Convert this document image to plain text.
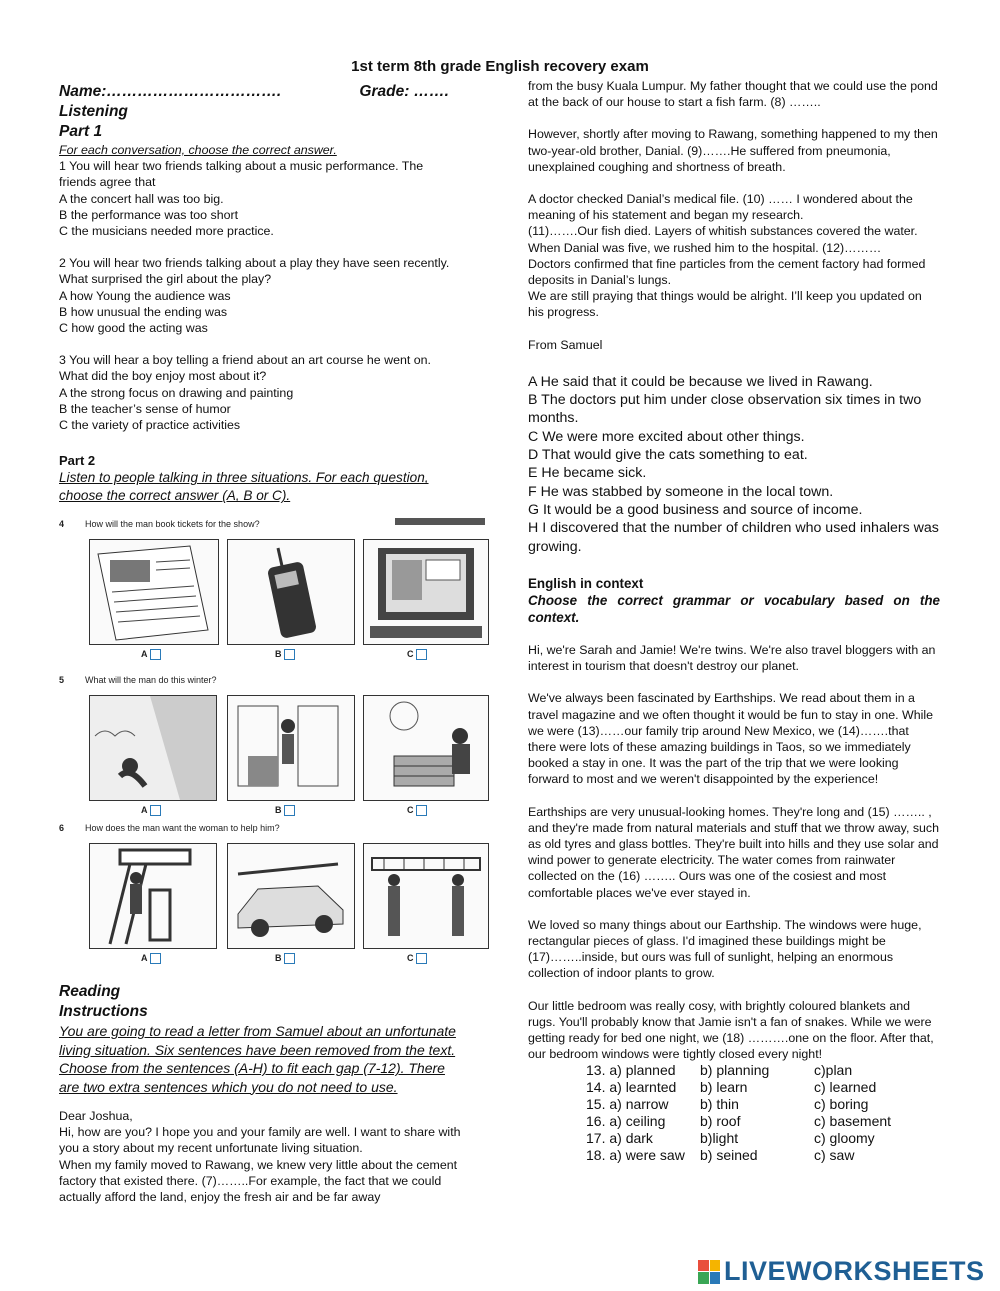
1st term 8th grade English recovery exam
Name:…………………………….	Grade: …….
Listening
Part 1
For each conversation, choose the correct answer.

1 You will hear two friends talking about a music performance. The

friends agree that

A the concert hall was too big.

B the performance was too short

C the musicians needed more practice.

2 You will hear two friends talking about a play they have seen recently.

What surprised the girl about the play?

A how Young the audience was

B how unusual the ending was

C how good the acting was

3 You will hear a boy telling a friend about an art course he went on.

What did the boy enjoy most about it?

A the strong focus on drawing and painting

B the teacher’s sense of humor

C the variety of practice activities

Part 2
Listen to people talking in three situations. For each question, choose the correct answer (A, B or C).
4 How will the man book tickets for the show?
A	B	C
5 What will the man do this winter?
A	B	C
6 How does the man want the woman to help him?
A	B	C
Reading
Instructions
You are going to read a letter from Samuel about an unfortunate living situation. Six sentences have been removed from the text. Choose from the sentences (A-H) to fit each gap (7-12). There are two extra sentences which you do not need to use.

Dear Joshua,

Hi, how are you? I hope you and your family are well. I want to share with you a story about my recent unfortunate living situation.

When my family moved to Rawang, we knew very little about the cement factory that existed there. (7)……..For example, the fact that we could actually afford the land, enjoy the fresh air and be far away

from the busy Kuala Lumpur. My father thought that we could use the pond at the back of our house to start a fish farm. (8) ……..

However, shortly after moving to Rawang, something happened to my then two-year-old brother, Danial. (9)…….He suffered from pneumonia, unexplained coughing and shortness of breath.

A doctor checked Danial’s medical file. (10) …… I wondered about the meaning of his statement and began my research.
(11)…….Our fish died. Layers of whitish substances covered the water. When Danial was five, we rushed him to the hospital. (12)………
Doctors confirmed that fine particles from the cement factory had formed deposits in Danial’s lungs.
We are still praying that things would be alright. I’ll keep you updated on his progress.

From Samuel

A He said that it could be because we lived in Rawang.

B The doctors put him under close observation six times in two months.

C We were more excited about other things.

D That would give the cats something to eat.

E He became sick.

F He was stabbed by someone in the local town.

G It would be a good business and source of income.

H I discovered that the number of children who used inhalers was growing.

English in context
Choose the correct grammar or vocabulary based on the context.

Hi, we're Sarah and Jamie! We're twins. We're also travel bloggers with an interest in tourism that doesn't destroy our planet.

We've always been fascinated by Earthships. We read about them in a travel magazine and we often thought it would be fun to stay in one. While we were (13)……our family trip around New Mexico, we (14)…….that there were lots of these amazing buildings in Taos, so we immediately booked a stay in one. It was the part of the trip that we were looking forward to most and we weren't disappointed by the experience!

Earthships are very unusual-looking homes. They're long and (15) …….. , and they're made from natural materials and stuff that we throw away, such as old tyres and glass bottles. They're built into hills and they use solar and wind power to generate electricity. The water comes from rainwater collected on the (16) …….. Ours was one of the cosiest and most comfortable places we've ever stayed in.

We loved so many things about our Earthship. The windows were huge, rectangular pieces of glass. I'd imagined these buildings might be (17)……..inside, but ours was full of sunlight, helping an enormous collection of indoor plants to grow.

Our little bedroom was really cosy, with brightly coloured blankets and rugs. You'll probably know that Jamie isn't a fan of snakes. While we were getting ready for bed one night, we (18) ……….one on the floor. After that, our bedroom windows were tightly closed every night!

13. a) planned	b) planning	c)plan
14. a) learnted	b) learn	c) learned
15. a) narrow	b) thin	c) boring
16. a) ceiling	b) roof	c) basement
17. a) dark	b)light	c) gloomy
18. a) were saw	b) seined	c) saw
LIVEWORKSHEETS
